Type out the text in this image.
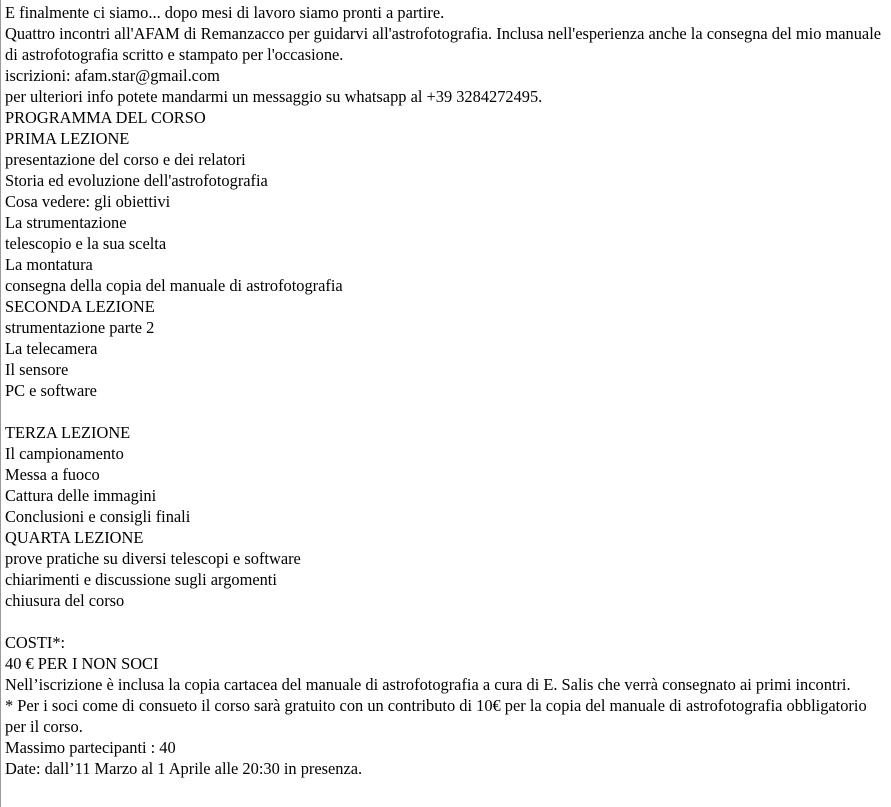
E finalmente ci siamo... dopo mesi di lavoro siamo pronti a partire.
Quattro incontri all'AFAM di Remanzacco per guidarvi all'astrofotografia. Inclusa nell'esperienza anche la consegna del mio manuale di astrofotografia scritto e stampato per l'occasione.
iscrizioni: afam.star@gmail.com
per ulteriori info potete mandarmi un messaggio su whatsapp al +39 3284272495.
PROGRAMMA DEL CORSO
PRIMA LEZIONE
presentazione del corso e dei relatori
Storia ed evoluzione dell'astrofotografia
Cosa vedere: gli obiettivi
La strumentazione
telescopio e la sua scelta
La montatura
consegna della copia del manuale di astrofotografia
SECONDA LEZIONE
strumentazione parte 2
La telecamera
Il sensore
PC e software
TERZA LEZIONE
Il campionamento
Messa a fuoco
Cattura delle immagini
Conclusioni e consigli finali
QUARTA LEZIONE
prove pratiche su diversi telescopi e software
chiarimenti e discussione sugli argomenti
chiusura del corso
COSTI*:
40 € PER I NON SOCI
Nell’iscrizione è inclusa la copia cartacea del manuale di astrofotografia a cura di E. Salis che verrà consegnato ai primi incontri.
* Per i soci come di consueto il corso sarà gratuito con un contributo di 10€ per la copia del manuale di astrofotografia obbligatorio per il corso.
Massimo partecipanti : 40
Date: dall’11 Marzo al 1 Aprile alle 20:30 in presenza.
